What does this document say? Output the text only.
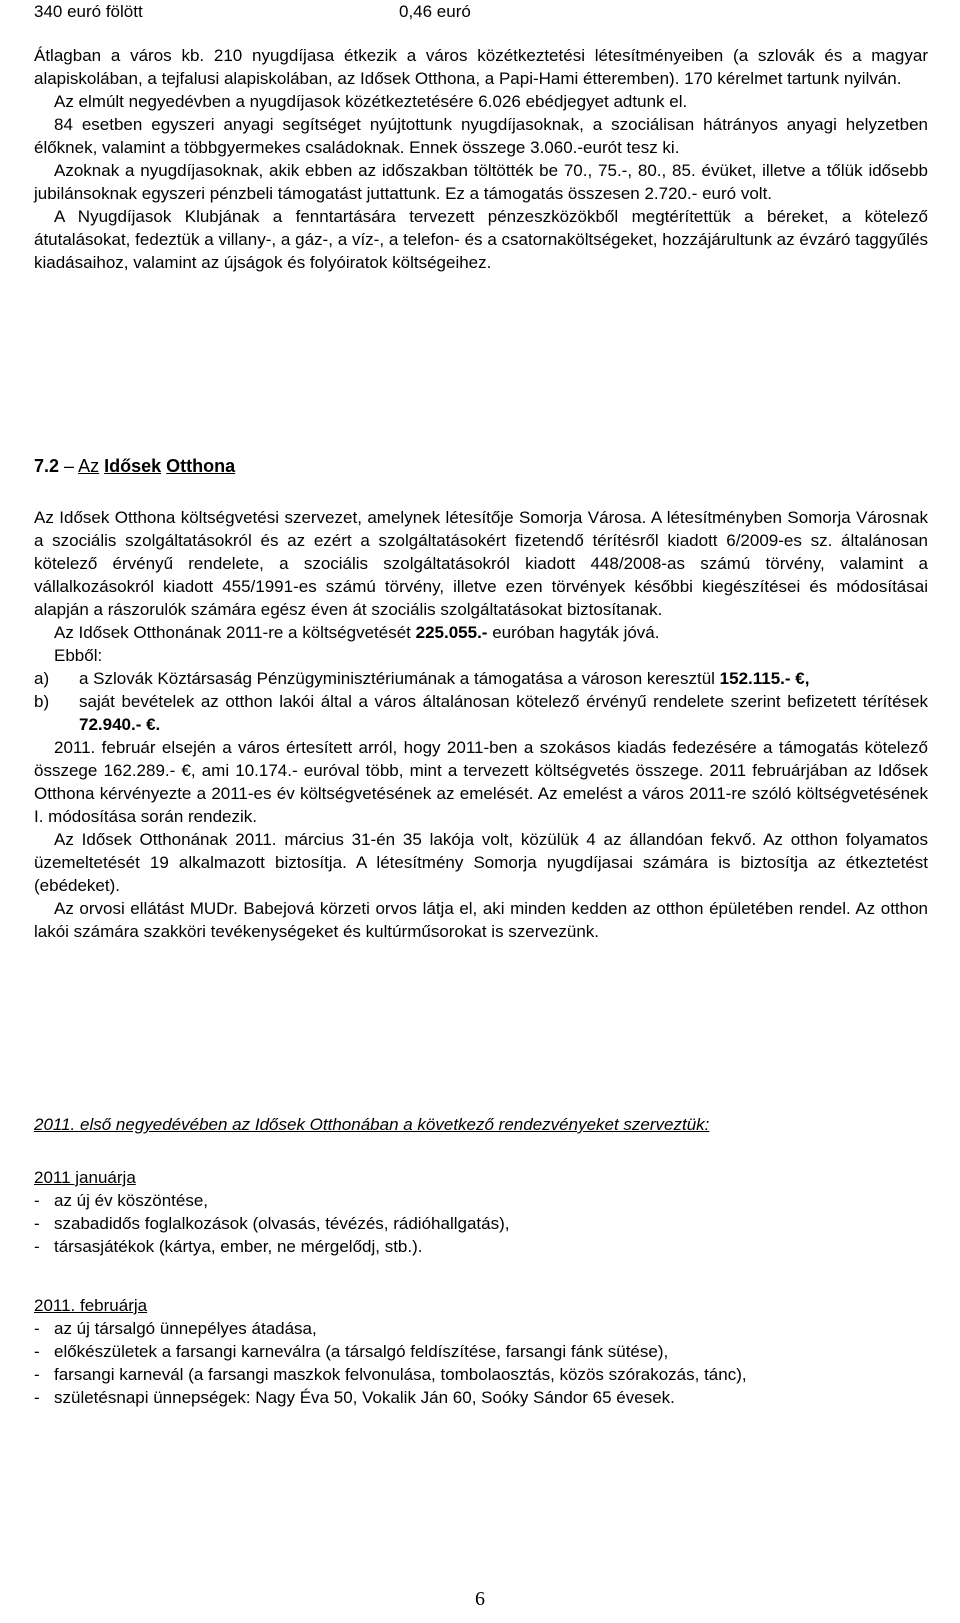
340 euró fölött	0,46 euró

Átlagban a város kb. 210 nyugdíjasa étkezik a város közétkeztetési létesítményeiben (a szlovák és a magyar alapiskolában, a tejfalusi alapiskolában, az Idősek Otthona, a Papi-Hami étteremben). 170 kérelmet tartunk nyilván.

Az elmúlt negyedévben a nyugdíjasok közétkeztetésére 6.026 ebédjegyet adtunk el.

84 esetben egyszeri anyagi segítséget nyújtottunk nyugdíjasoknak, a szociálisan hátrányos anyagi helyzetben élőknek, valamint a többgyermekes családoknak. Ennek összege 3.060.-eurót tesz ki.

Azoknak a nyugdíjasoknak, akik ebben az időszakban töltötték be 70., 75.-, 80., 85. évüket, illetve a tőlük idősebb jubilánsoknak egyszeri pénzbeli támogatást juttattunk. Ez a támogatás összesen 2.720.- euró volt.

A Nyugdíjasok Klubjának a fenntartására tervezett pénzeszközökből megtérítettük a béreket, a kötelező átutalásokat, fedeztük a villany-, a gáz-, a víz-, a telefon- és a csatornaköltségeket, hozzájárultunk az évzáró taggyűlés kiadásaihoz, valamint az újságok és folyóiratok költségeihez.

7.2 – Az Idősek Otthona

Az Idősek Otthona költségvetési szervezet, amelynek létesítője Somorja Városa. A létesítményben Somorja Városnak a szociális szolgáltatásokról és az ezért a szolgáltatásokért fizetendő térítésről kiadott 6/2009-es sz. általánosan kötelező érvényű rendelete, a szociális szolgáltatásokról kiadott 448/2008-as számú törvény, valamint a vállalkozásokról kiadott 455/1991-es számú törvény, illetve ezen törvények későbbi kiegészítései és módosításai alapján a rászorulók számára egész éven át szociális szolgáltatásokat biztosítanak.

Az Idősek Otthonának 2011-re a költségvetését 225.055.- euróban hagyták jóvá.

Ebből:

a) a Szlovák Köztársaság Pénzügyminisztériumának a támogatása a városon keresztül 152.115.- €,
b) saját bevételek az otthon lakói által a város általánosan kötelező érvényű rendelete szerint befizetett térítések 72.940.- €.

2011. február elsején a város értesített arról, hogy 2011-ben a szokásos kiadás fedezésére a támogatás kötelező összege 162.289.- €, ami 10.174.- euróval több, mint a tervezett költségvetés összege. 2011 februárjában az Idősek Otthona kérvényezte a 2011-es év költségvetésének az emelését. Az emelést a város 2011-re szóló költségvetésének I. módosítása során rendezik.

Az Idősek Otthonának 2011. március 31-én 35 lakója volt, közülük 4 az állandóan fekvő. Az otthon folyamatos üzemeltetését 19 alkalmazott biztosítja. A létesítmény Somorja nyugdíjasai számára is biztosítja az étkeztetést (ebédeket).

Az orvosi ellátást MUDr. Babejová körzeti orvos látja el, aki minden kedden az otthon épületében rendel. Az otthon lakói számára szakköri tevékenységeket és kultúrműsorokat is szervezünk.

2011. első negyedévében az Idősek Otthonában a következő rendezvényeket szerveztük:

2011 januárja

- az új év köszöntése,
- szabadidős foglalkozások (olvasás, tévézés, rádióhallgatás),
- társasjátékok (kártya, ember, ne mérgelődj, stb.).

2011. februárja

- az új társalgó ünnepélyes átadása,
- előkészületek a farsangi karneválra (a társalgó feldíszítése, farsangi fánk sütése),
- farsangi karnevál (a farsangi maszkok felvonulása, tombolaosztás, közös szórakozás, tánc),
- születésnapi ünnepségek: Nagy Éva 50, Vokalik Ján 60, Soóky Sándor 65 évesek.
6
